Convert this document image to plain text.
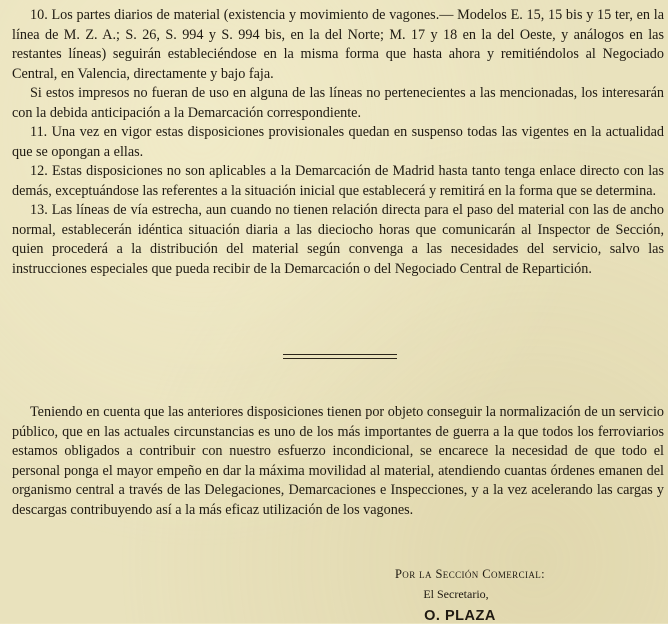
10. Los partes diarios de material (existencia y movimiento de vagones.— Modelos E. 15, 15 bis y 15 ter, en la línea de M. Z. A.; S. 26, S. 994 y S. 994 bis, en la del Norte; M. 17 y 18 en la del Oeste, y análogos en las restantes líneas) seguirán estableciéndose en la misma forma que hasta ahora y remitiéndolos al Negociado Central, en Valencia, directamente y bajo faja.

Si estos impresos no fueran de uso en alguna de las líneas no pertenecientes a las mencionadas, los interesarán con la debida anticipación a la Demarcación correspondiente.

11. Una vez en vigor estas disposiciones provisionales quedan en suspenso todas las vigentes en la actualidad que se opongan a ellas.

12. Estas disposiciones no son aplicables a la Demarcación de Madrid hasta tanto tenga enlace directo con las demás, exceptuándose las referentes a la situación inicial que establecerá y remitirá en la forma que se determina.

13. Las líneas de vía estrecha, aun cuando no tienen relación directa para el paso del material con las de ancho normal, establecerán idéntica situación diaria a las dieciocho horas que comunicarán al Inspector de Sección, quien procederá a la distribución del material según convenga a las necesidades del servicio, salvo las instrucciones especiales que pueda recibir de la Demarcación o del Negociado Central de Repartición.

Teniendo en cuenta que las anteriores disposiciones tienen por objeto conseguir la normalización de un servicio público, que en las actuales circunstancias es uno de los más importantes de guerra a la que todos los ferroviarios estamos obligados a contribuir con nuestro esfuerzo incondicional, se encarece la necesidad de que todo el personal ponga el mayor empeño en dar la máxima movilidad al material, atendiendo cuantas órdenes emanen del organismo central a través de las Delegaciones, Demarcaciones e Inspecciones, y a la vez acelerando las cargas y descargas contribuyendo así a la más eficaz utilización de los vagones.

Por la Sección Comercial:
El Secretario,
O. PLAZA
